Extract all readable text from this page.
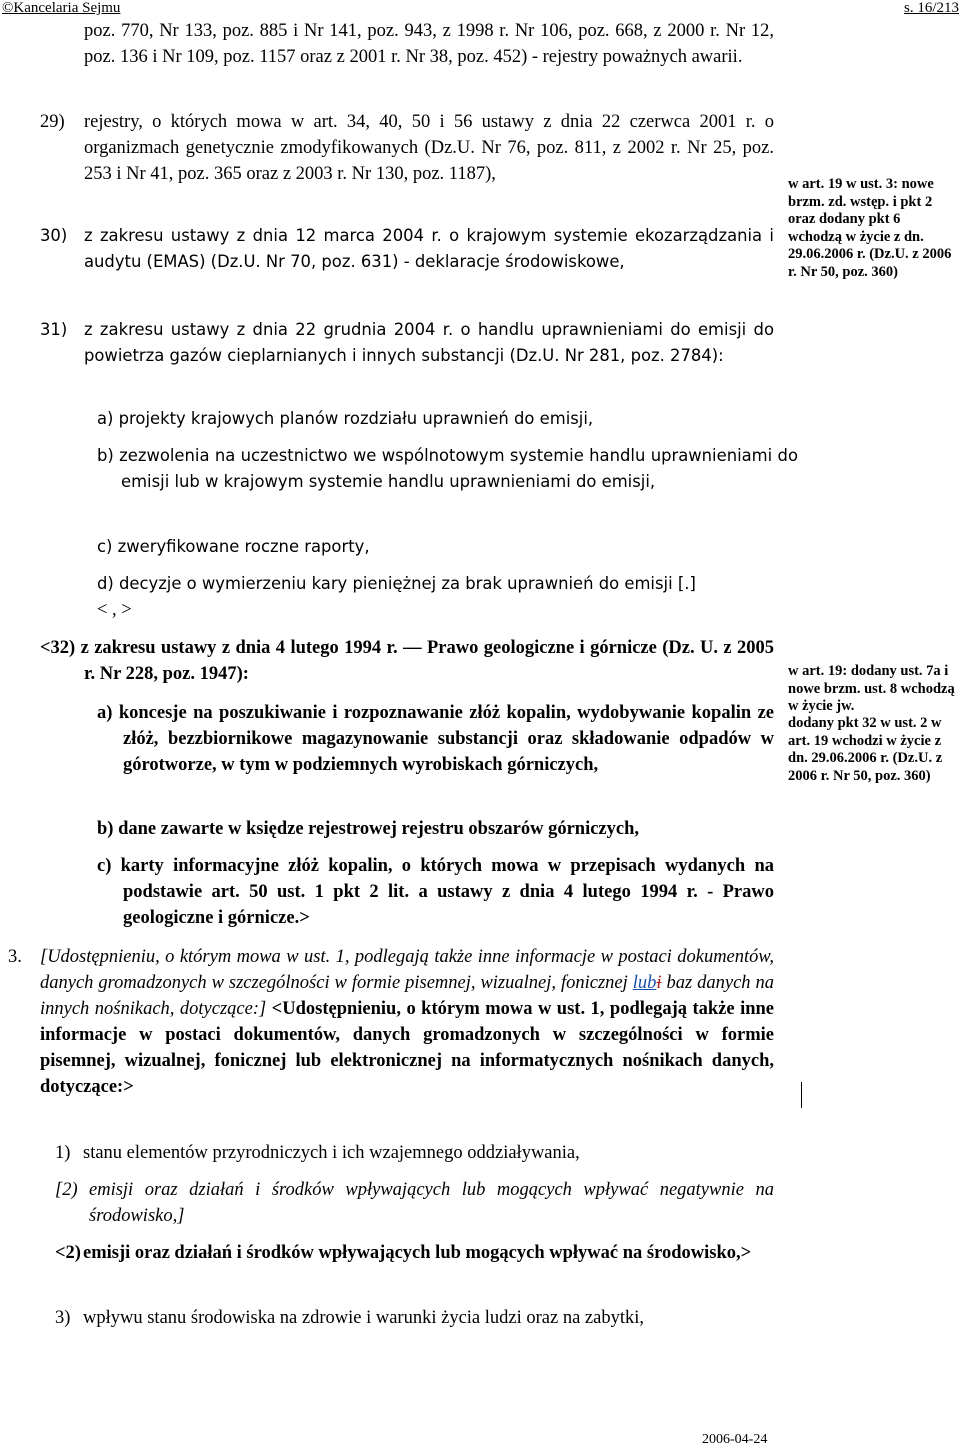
©Kancelaria Sejmu	s. 16/213

poz. 770, Nr 133, poz. 885 i Nr 141, poz. 943, z 1998 r. Nr 106, poz. 668, z 2000 r. Nr 12, poz. 136 i Nr 109, poz. 1157 oraz z 2001 r. Nr 38, poz. 452) - rejestry poważnych awarii.

29) rejestry, o których mowa w art. 34, 40, 50 i 56 ustawy z dnia 22 czerwca 2001 r. o organizmach genetycznie zmodyfikowanych (Dz.U. Nr 76, poz. 811, z 2002 r. Nr 25, poz. 253 i Nr 41, poz. 365 oraz z 2003 r. Nr 130, poz. 1187),

30) z zakresu ustawy z dnia 12 marca 2004 r. o krajowym systemie ekozarządzania i audytu (EMAS) (Dz.U. Nr 70, poz. 631) - deklaracje środowiskowe,

31) z zakresu ustawy z dnia 22 grudnia 2004 r. o handlu uprawnieniami do emisji do powietrza gazów cieplarnianych i innych substancji (Dz.U. Nr 281, poz. 2784):

a) projekty krajowych planów rozdziału uprawnień do emisji,

b) zezwolenia na uczestnictwo we wspólnotowym systemie handlu uprawnieniami do emisji lub w krajowym systemie handlu uprawnieniami do emisji,

c) zweryfikowane roczne raporty,

d) decyzje o wymierzeniu kary pieniężnej za brak uprawnień do emisji [.]

< , >

<32) z zakresu ustawy z dnia 4 lutego 1994 r. — Prawo geologiczne i górnicze (Dz. U. z 2005 r. Nr 228, poz. 1947):

a) koncesje na poszukiwanie i rozpoznawanie złóż kopalin, wydobywanie kopalin ze złóż, bezzbiornikowe magazynowanie substancji oraz składowanie odpadów w górotworze, w tym w podziemnych wyrobiskach górniczych,

b) dane zawarte w księdze rejestrowej rejestru obszarów górniczych,

c) karty informacyjne złóż kopalin, o których mowa w przepisach wydanych na podstawie art. 50 ust. 1 pkt 2 lit. a ustawy z dnia 4 lutego 1994 r. - Prawo geologiczne i górnicze.>

3. [Udostępnieniu, o którym mowa w ust. 1, podlegają także inne informacje w postaci dokumentów, danych gromadzonych w szczególności w formie pisemnej, wizualnej, fonicznej lubi baz danych na innych nośnikach, dotyczące:] <Udostępnieniu, o którym mowa w ust. 1, podlegają także inne informacje w postaci dokumentów, danych gromadzonych w szczególności w formie pisemnej, wizualnej, fonicznej lub elektronicznej na informatycznych nośnikach danych, dotyczące:>

1) stanu elementów przyrodniczych i ich wzajemnego oddziaływania,

[2) emisji oraz działań i środków wpływających lub mogących wpływać negatywnie na środowisko,]

<2) emisji oraz działań i środków wpływających lub mogących wpływać na środowisko,>

3) wpływu stanu środowiska na zdrowie i warunki życia ludzi oraz na zabytki,

w art. 19 w ust. 3: nowe brzm. zd. wstęp. i pkt 2 oraz dodany pkt 6 wchodzą w życie z dn. 29.06.2006 r. (Dz.U. z 2006 r. Nr 50, poz. 360)

w art. 19: dodany ust. 7a i nowe brzm. ust. 8 wchodzą w życie jw.

dodany pkt 32 w ust. 2 w art. 19 wchodzi w życie z dn. 29.06.2006 r. (Dz.U. z 2006 r. Nr 50, poz. 360)

2006-04-24
